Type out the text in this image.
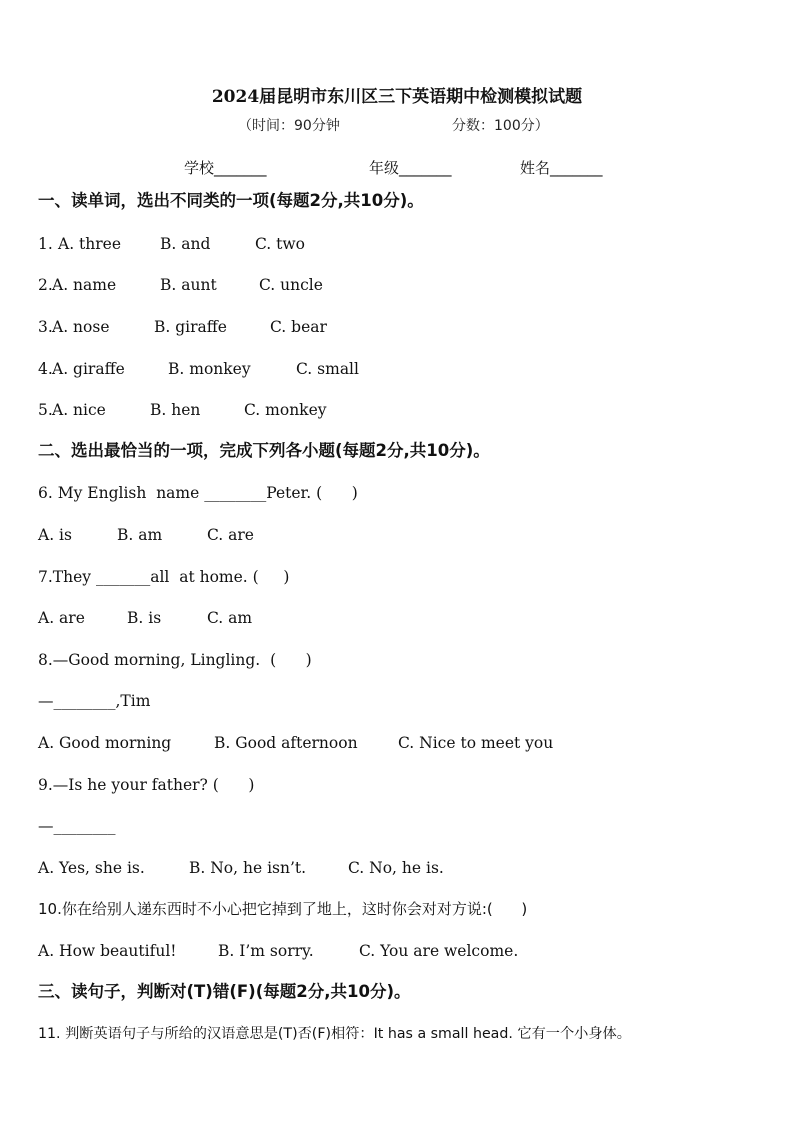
2024届昆明市东川区三下英语期中检测模拟试题
（时间：90分钟	分数：100分）
学校_______	年级_______	姓名_______
一、读单词，选出不同类的一项(每题2分,共10分)。
1. A. three	B. and	C. two
2. A. name	B. aunt	C. uncle
3. A. nose	B. giraffe	C. bear
4. A. giraffe	B. monkey	C. small
5. A. nice	B. hen	C. monkey
二、选出最恰当的一项，完成下列各小题(每题2分,共10分)。
6. My English  name ________Peter. (      )
A. is	B. am	C. are
7.They _______all  at home. (     )
A. are	B. is	C. am
8.—Good morning, Lingling.  (      )
—________,Tim
A. Good morning	B. Good afternoon	C. Nice to meet you
9.—Is he your father? (      )
—________
A. Yes, she is.	B. No, he isn’t.	C. No, he is.
10.你在给别人递东西时不小心把它掉到了地上，这时你会对对方说:(      )
A. How beautiful!	B. I’m sorry.	C. You are welcome.
三、读句子，判断对(T)错(F)(每题2分,共10分)。
11. 判断英语句子与所给的汉语意思是(T)否(F)相符：It has a small head. 它有一个小身体。
